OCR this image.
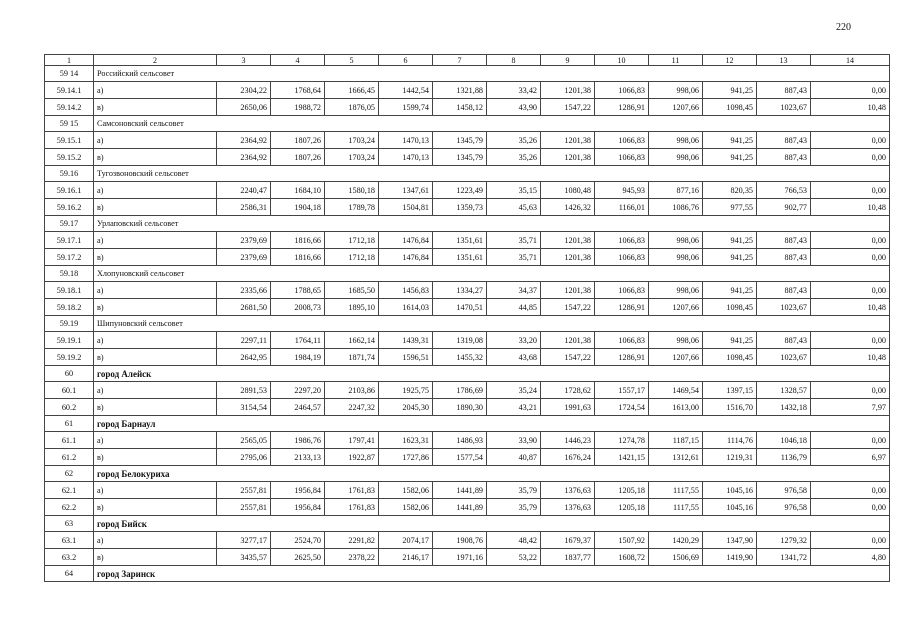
220
1	2	3	4	5	6	7	8	9	10	11	12	13	14
59 14	Российский сельсовет												
59.14.1	а)	2304,22	1768,64	1666,45	1442,54	1321,88	33,42	1201,38	1066,83	998,06	941,25	887,43	0,00
59.14.2	в)	2650,06	1988,72	1876,05	1599,74	1458,12	43,90	1547,22	1286,91	1207,66	1098,45	1023,67	10,48
59 15	Самсоновский сельсовет												
59.15.1	а)	2364,92	1807,26	1703,24	1470,13	1345,79	35,26	1201,38	1066,83	998,06	941,25	887,43	0,00
59.15.2	в)	2364,92	1807,26	1703,24	1470,13	1345,79	35,26	1201,38	1066,83	998,06	941,25	887,43	0,00
59.16	Тугозвоновский сельсовет												
59.16.1	а)	2240,47	1684,10	1580,18	1347,61	1223,49	35,15	1080,48	945,93	877,16	820,35	766,53	0,00
59.16.2	в)	2586,31	1904,18	1789,78	1504,81	1359,73	45,63	1426,32	1166,01	1086,76	977,55	902,77	10,48
59.17	Урлаповский сельсовет												
59.17.1	а)	2379,69	1816,66	1712,18	1476,84	1351,61	35,71	1201,38	1066,83	998,06	941,25	887,43	0,00
59.17.2	в)	2379,69	1816,66	1712,18	1476,84	1351,61	35,71	1201,38	1066,83	998,06	941,25	887,43	0,00
59.18	Хлопуновский сельсовет												
59.18.1	а)	2335,66	1788,65	1685,50	1456,83	1334,27	34,37	1201,38	1066,83	998,06	941,25	887,43	0,00
59.18.2	в)	2681,50	2008,73	1895,10	1614,03	1470,51	44,85	1547,22	1286,91	1207,66	1098,45	1023,67	10,48
59.19	Шипуновский сельсовет												
59.19.1	а)	2297,11	1764,11	1662,14	1439,31	1319,08	33,20	1201,38	1066,83	998,06	941,25	887,43	0,00
59.19.2	в)	2642,95	1984,19	1871,74	1596,51	1455,32	43,68	1547,22	1286,91	1207,66	1098,45	1023,67	10,48
60	город Алейск												
60.1	а)	2891,53	2297,20	2103,86	1925,75	1786,69	35,24	1728,62	1557,17	1469,54	1397,15	1328,57	0,00
60.2	в)	3154,54	2464,57	2247,32	2045,30	1890,30	43,21	1991,63	1724,54	1613,00	1516,70	1432,18	7,97
61	город Барнаул												
61.1	а)	2565,05	1986,76	1797,41	1623,31	1486,93	33,90	1446,23	1274,78	1187,15	1114,76	1046,18	0,00
61.2	в)	2795,06	2133,13	1922,87	1727,86	1577,54	40,87	1676,24	1421,15	1312,61	1219,31	1136,79	6,97
62	город Белокуриха												
62.1	а)	2557,81	1956,84	1761,83	1582,06	1441,89	35,79	1376,63	1205,18	1117,55	1045,16	976,58	0,00
62.2	в)	2557,81	1956,84	1761,83	1582,06	1441,89	35,79	1376,63	1205,18	1117,55	1045,16	976,58	0,00
63	город Бийск												
63.1	а)	3277,17	2524,70	2291,82	2074,17	1908,76	48,42	1679,37	1507,92	1420,29	1347,90	1279,32	0,00
63.2	в)	3435,57	2625,50	2378,22	2146,17	1971,16	53,22	1837,77	1608,72	1506,69	1419,90	1341,72	4,80
64	город Заринск												
